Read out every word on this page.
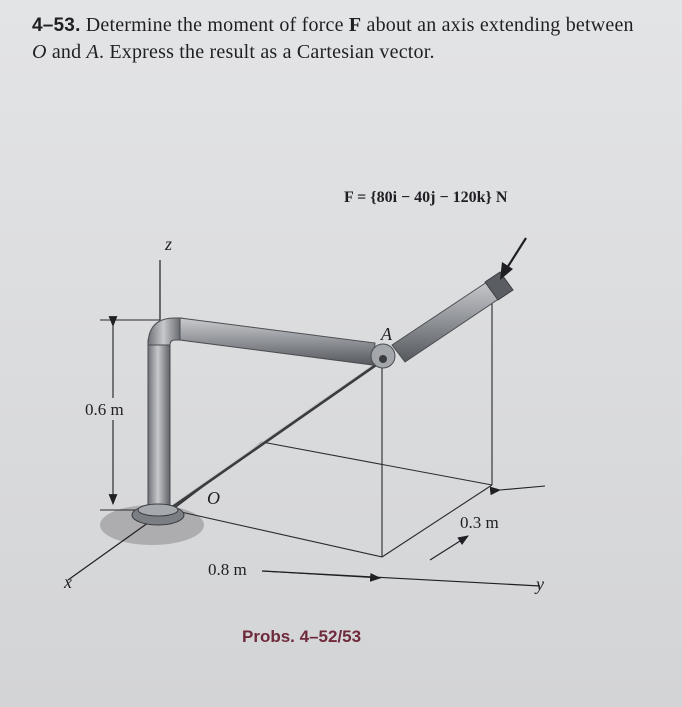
4–53. Determine the moment of force F about an axis extending between O and A. Express the result as a Cartesian vector.
F = {80i − 40j − 120k} N
A
O
z
x	y
0.6 m
0.8 m
0.3 m
Probs. 4–52/53
